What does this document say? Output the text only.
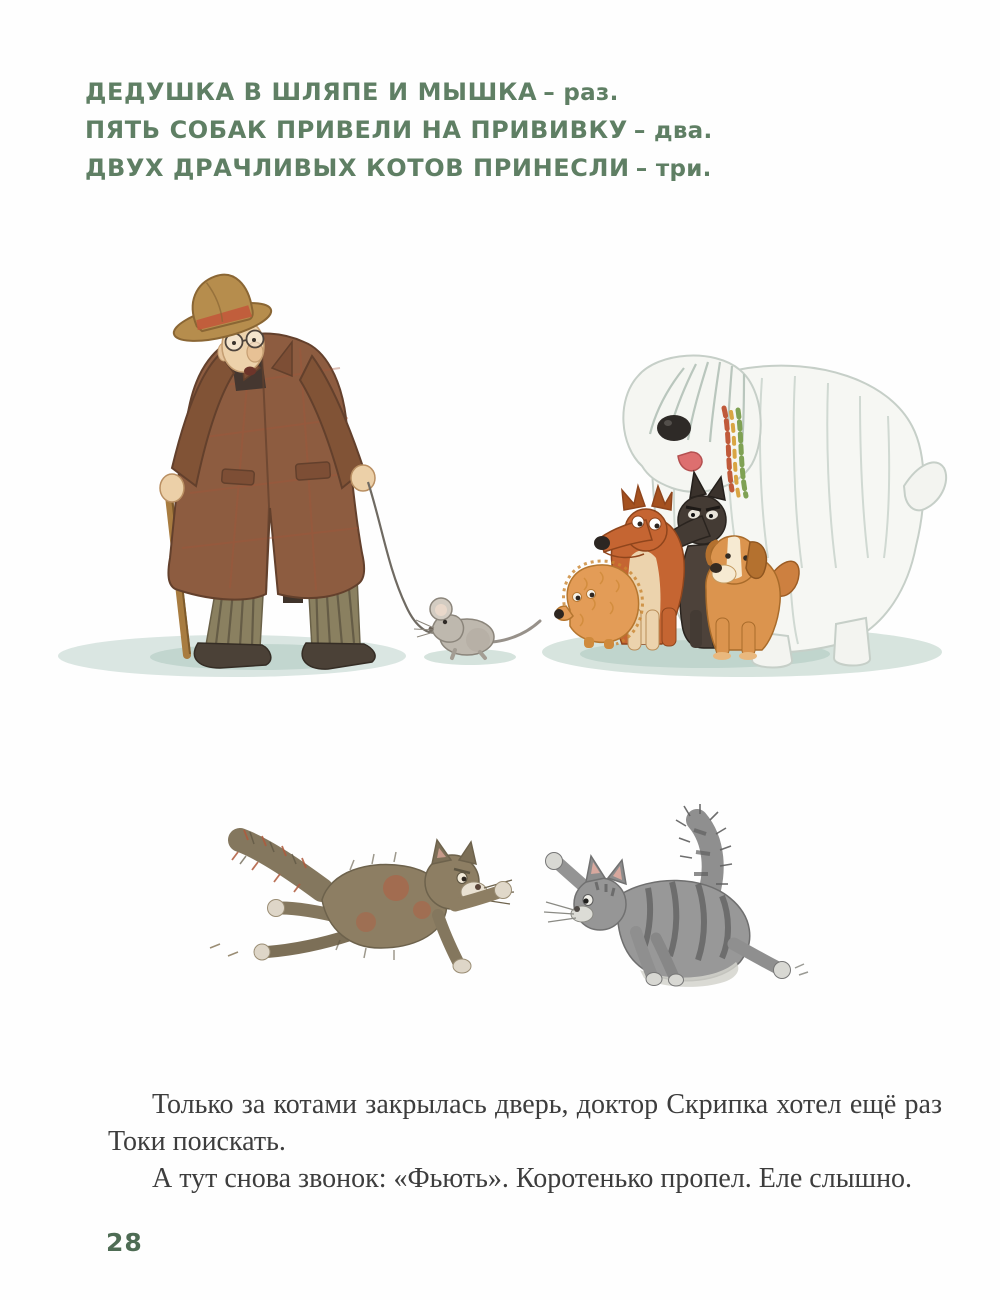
ДЕДУШКА В ШЛЯПЕ И МЫШКА – раз.
ПЯТЬ СОБАК ПРИВЕЛИ НА ПРИВИВКУ – два.
ДВУХ ДРАЧЛИВЫХ КОТОВ ПРИНЕСЛИ – три.

Только за котами закрылась дверь, доктор Скрипка хотел ещё раз Токи поискать.

А тут снова звонок: «Фьють». Коротенько пропел. Еле слышно.

28
